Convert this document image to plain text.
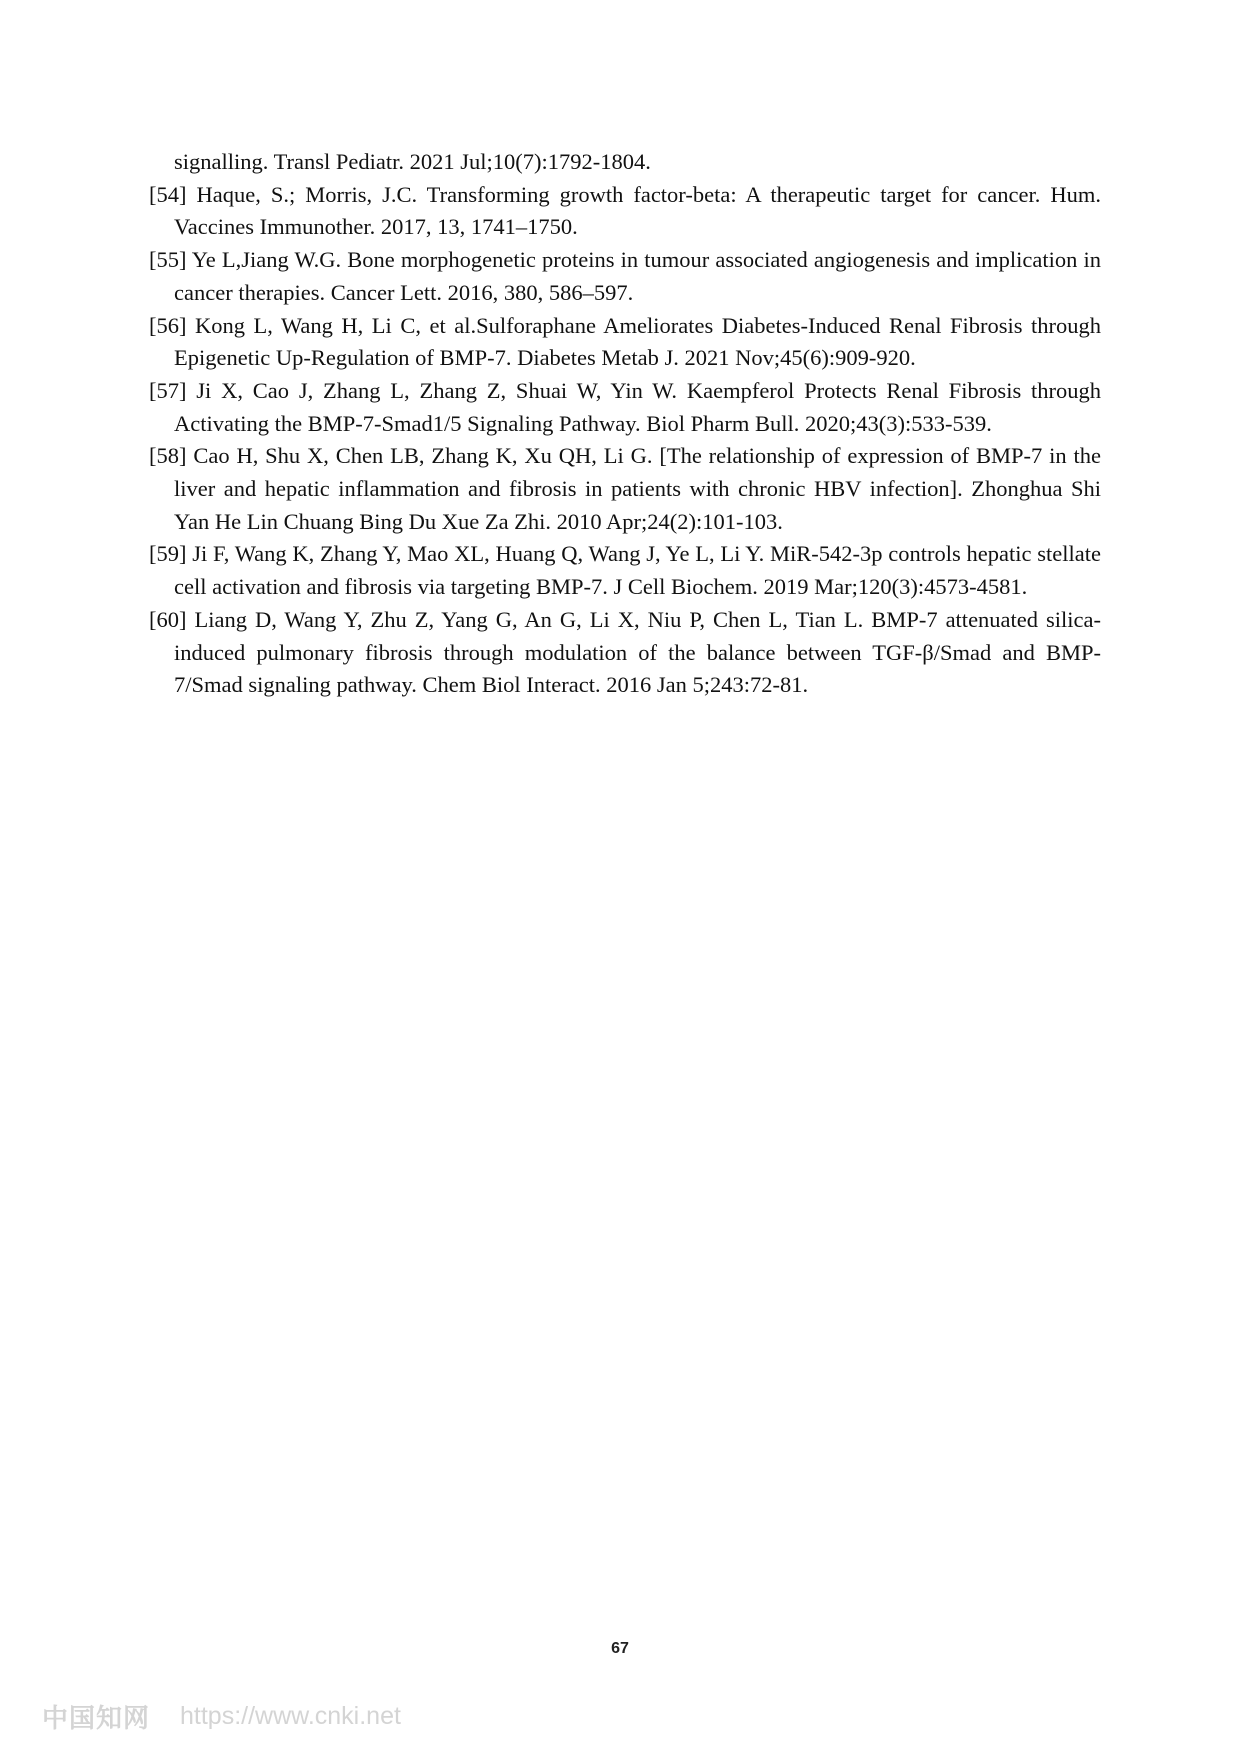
signalling. Transl Pediatr. 2021 Jul;10(7):1792-1804.

[54] Haque, S.; Morris, J.C. Transforming growth factor-beta: A therapeutic target for cancer. Hum. Vaccines Immunother. 2017, 13, 1741–1750.

[55] Ye L,Jiang W.G. Bone morphogenetic proteins in tumour associated angiogenesis and implication in cancer therapies. Cancer Lett. 2016, 380, 586–597.

[56] Kong L, Wang H, Li C, et al.Sulforaphane Ameliorates Diabetes-Induced Renal Fibrosis through Epigenetic Up-Regulation of BMP-7. Diabetes Metab J. 2021 Nov;45(6):909-920.

[57] Ji X, Cao J, Zhang L, Zhang Z, Shuai W, Yin W. Kaempferol Protects Renal Fibrosis through Activating the BMP-7-Smad1/5 Signaling Pathway. Biol Pharm Bull. 2020;43(3):533-539.

[58] Cao H, Shu X, Chen LB, Zhang K, Xu QH, Li G. [The relationship of expression of BMP-7 in the liver and hepatic inflammation and fibrosis in patients with chronic HBV infection]. Zhonghua Shi Yan He Lin Chuang Bing Du Xue Za Zhi. 2010 Apr;24(2):101-103.

[59] Ji F, Wang K, Zhang Y, Mao XL, Huang Q, Wang J, Ye L, Li Y. MiR-542-3p controls hepatic stellate cell activation and fibrosis via targeting BMP-7. J Cell Biochem. 2019 Mar;120(3):4573-4581.

[60] Liang D, Wang Y, Zhu Z, Yang G, An G, Li X, Niu P, Chen L, Tian L. BMP-7 attenuated silica-induced pulmonary fibrosis through modulation of the balance between TGF-β/Smad and BMP-7/Smad signaling pathway. Chem Biol Interact. 2016 Jan 5;243:72-81.

67
中国知网 https://www.cnki.net
